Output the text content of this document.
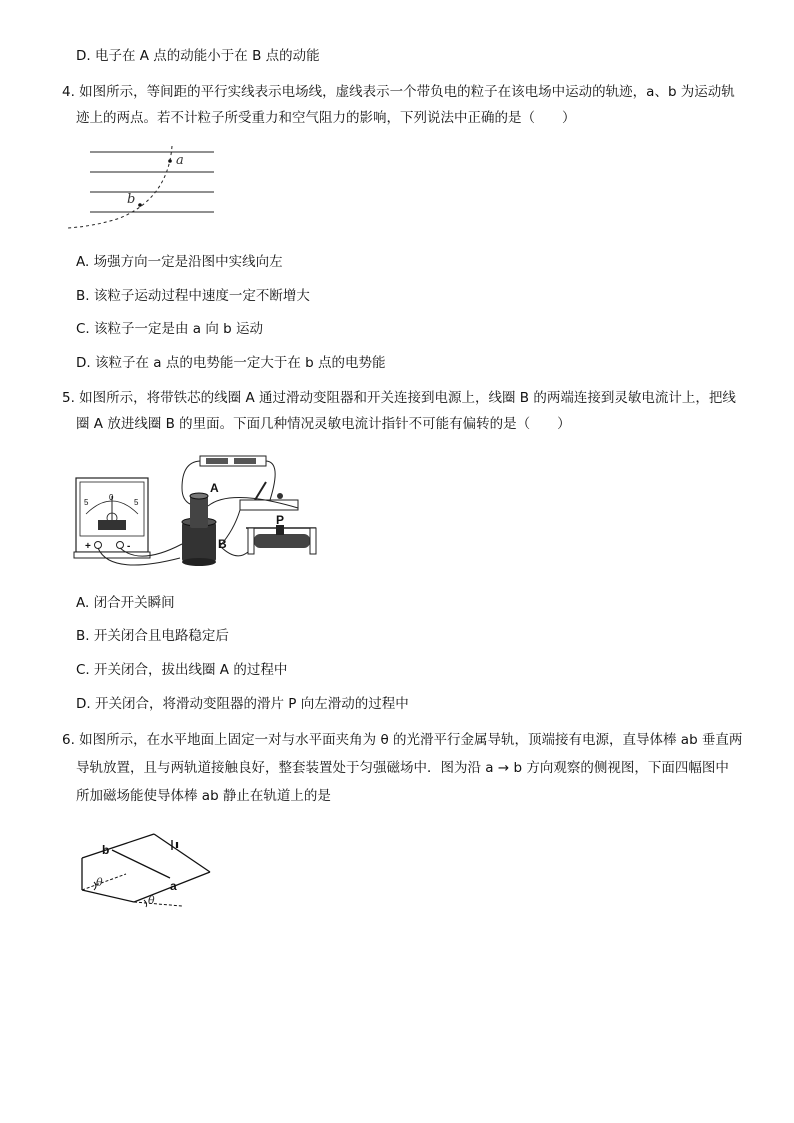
D. 电子在 A 点的动能小于在 B 点的动能
4. 如图所示，等间距的平行实线表示电场线，虚线表示一个带负电的粒子在该电场中运动的轨迹，a、b 为运动轨
迹上的两点。若不计粒子所受重力和空气阻力的影响，下列说法中正确的是（　　）
a
b
A. 场强方向一定是沿图中实线向左
B. 该粒子运动过程中速度一定不断增大
C. 该粒子一定是由 a 向 b 运动
D. 该粒子在 a 点的电势能一定大于在 b 点的电势能
5. 如图所示，将带铁芯的线圈 A 通过滑动变阻器和开关连接到电源上，线圈 B 的两端连接到灵敏电流计上，把线
圈 A 放进线圈 B 的里面。下面几种情况灵敏电流计指针不可能有偏转的是（　　）
5
0
5
+	-
A
B
P
A. 闭合开关瞬间
B. 开关闭合且电路稳定后
C. 开关闭合，拔出线圈 A 的过程中
D. 开关闭合，将滑动变阻器的滑片 P 向左滑动的过程中
6. 如图所示，在水平地面上固定一对与水平面夹角为 θ 的光滑平行金属导轨，顶端接有电源，直导体棒 ab 垂直两
导轨放置，且与两轨道接触良好，整套装置处于匀强磁场中．图为沿 a → b 方向观察的侧视图，下面四幅图中
所加磁场能使导体棒 ab 静止在轨道上的是
b
a
θ
θ
